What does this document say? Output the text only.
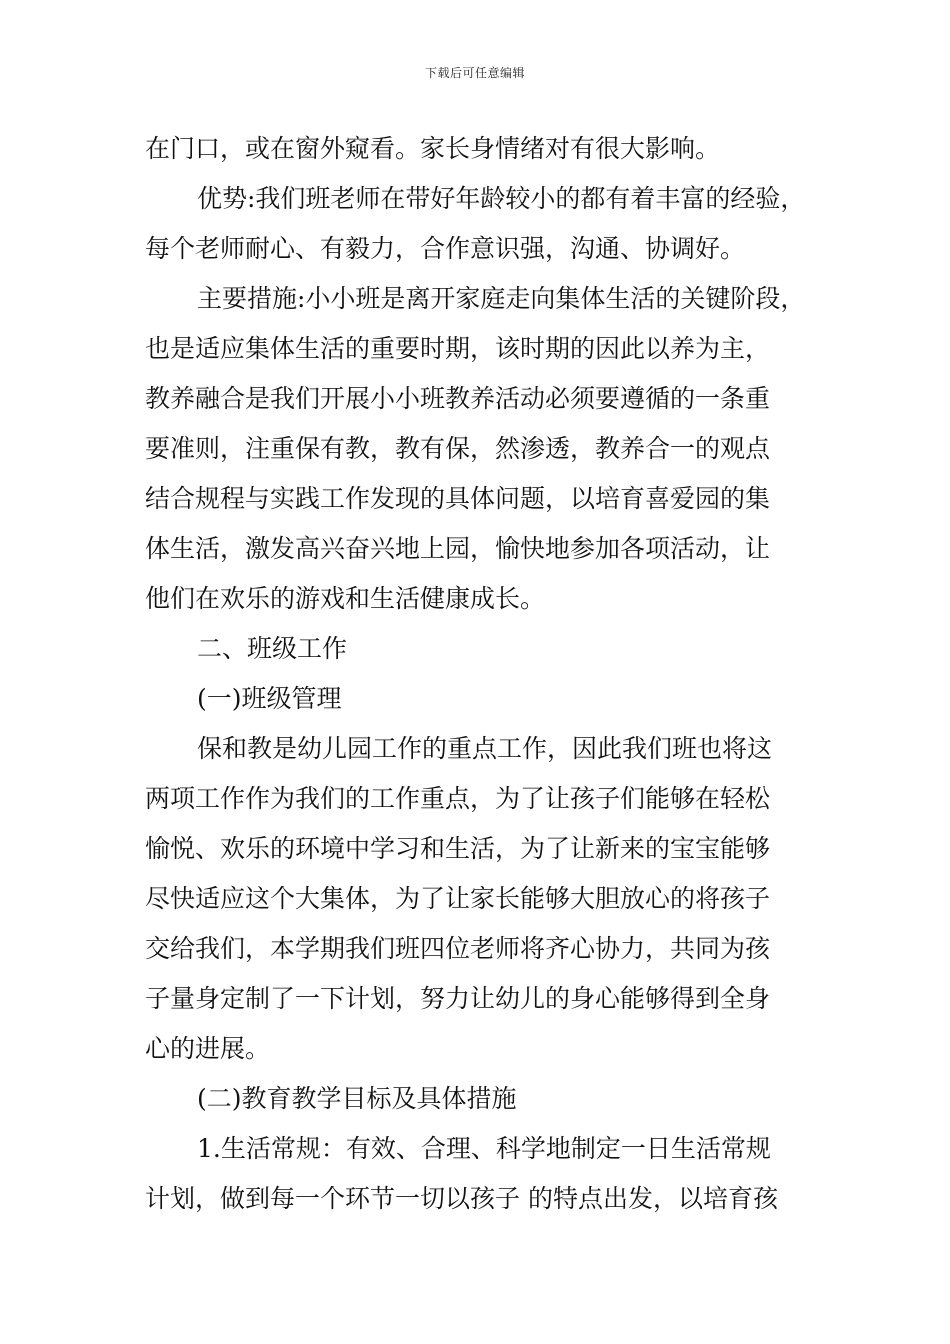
下载后可任意编辑
在门口，或在窗外窥看。家长身情绪对有很大影响。
优势:我们班老师在带好年龄较小的都有着丰富的经验，
每个老师耐心、有毅力，合作意识强，沟通、协调好。
主要措施:小小班是离开家庭走向集体生活的关键阶段，
也是适应集体生活的重要时期，该时期的因此以养为主，
教养融合是我们开展小小班教养活动必须要遵循的一条重
要准则，注重保有教，教有保，然渗透，教养合一的观点
结合规程与实践工作发现的具体问题，以培育喜爱园的集
体生活，激发高兴奋兴地上园，愉快地参加各项活动，让
他们在欢乐的游戏和生活健康成长。
二、班级工作
(一)班级管理
保和教是幼儿园工作的重点工作，因此我们班也将这
两项工作作为我们的工作重点，为了让孩子们能够在轻松
愉悦、欢乐的环境中学习和生活，为了让新来的宝宝能够
尽快适应这个大集体，为了让家长能够大胆放心的将孩子
交给我们，本学期我们班四位老师将齐心协力，共同为孩
子量身定制了一下计划，努力让幼儿的身心能够得到全身
心的进展。
(二)教育教学目标及具体措施
1.生活常规：有效、合理、科学地制定一日生活常规
计划，做到每一个环节一切以孩子 的特点出发，以培育孩
